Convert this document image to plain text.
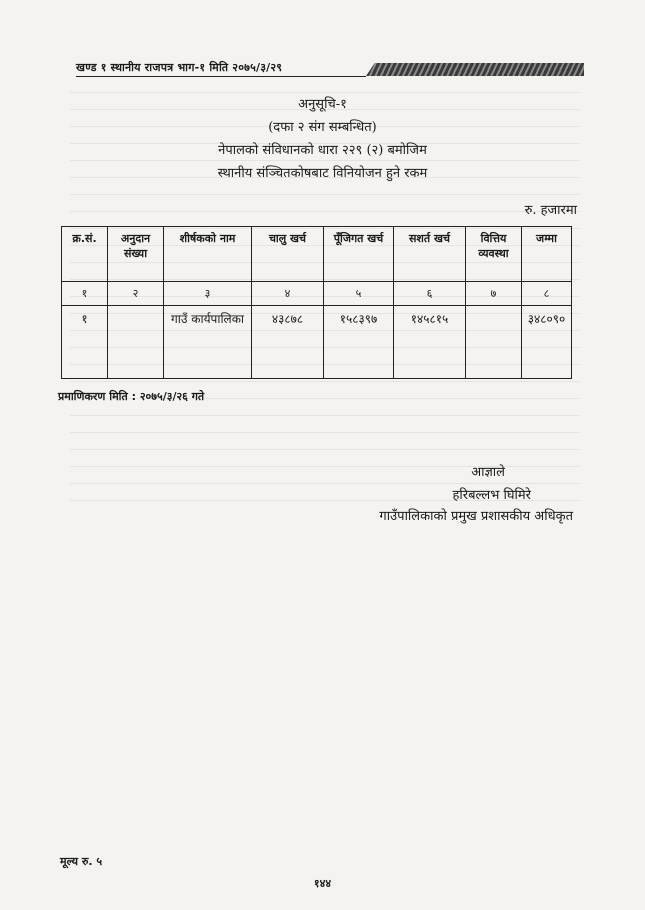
खण्ड १ स्थानीय राजपत्र भाग-१ मिति २०७५/३/२९
अनुसूचि-१
(दफा २ संग सम्बन्धित)
नेपालको संविधानको धारा २२९ (२) बमोजिम
स्थानीय संञ्चितकोषबाट विनियोजन हुने रकम
रु. हजारमा
क्र.सं.	अनुदान संख्या	शीर्षकको नाम	चालु खर्च	पूँजिगत खर्च	सशर्त खर्च	वित्तिय व्यवस्था	जम्मा
१	२	३	४	५	६	७	८
१		गाउँ कार्यपालिका	४३८७८	१५८३९७	१४५८१५		३४८०९०
प्रमाणिकरण मिति : २०७५/३/२६ गते
आज्ञाले
हरिबल्लभ घिमिरे
गाउँपालिकाको प्रमुख प्रशासकीय अधिकृत
मूल्य रु. ५
१४४
